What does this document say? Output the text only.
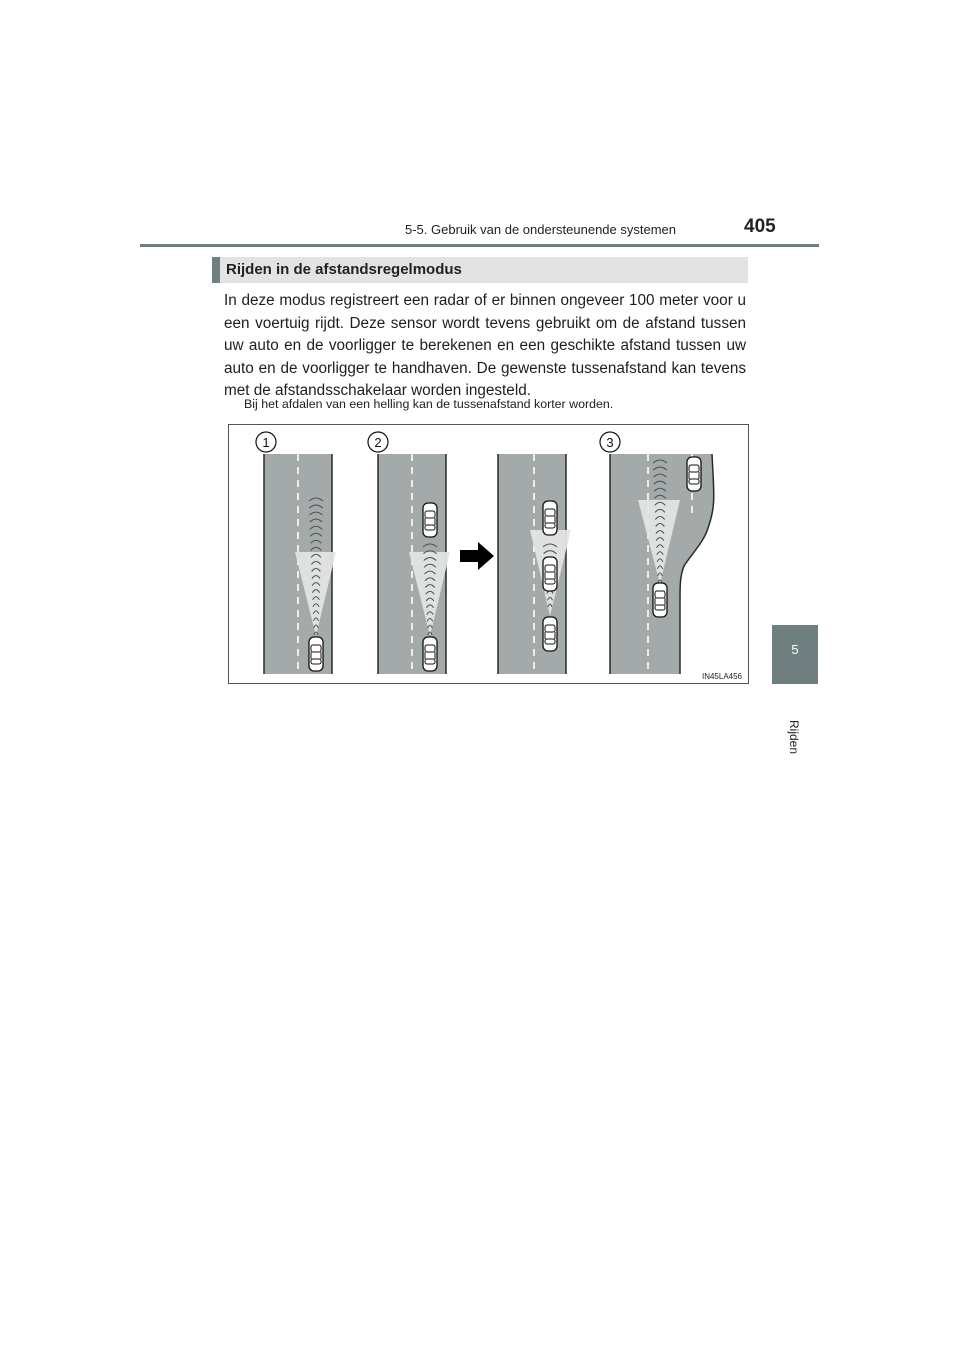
5-5. Gebruik van de ondersteunende systemen	405
5
Rijden
Rijden in de afstandsregelmodus
In deze modus registreert een radar of er binnen ongeveer 100 meter voor u een voertuig rijdt. Deze sensor wordt tevens gebruikt om de afstand tussen uw auto en de voorligger te berekenen en een geschikte afstand tussen uw auto en de voorligger te handhaven. De gewenste tussenafstand kan tevens met de afstandsschakelaar worden ingesteld.
Bij het afdalen van een helling kan de tussenafstand korter worden.
1	2	3
IN45LA456
